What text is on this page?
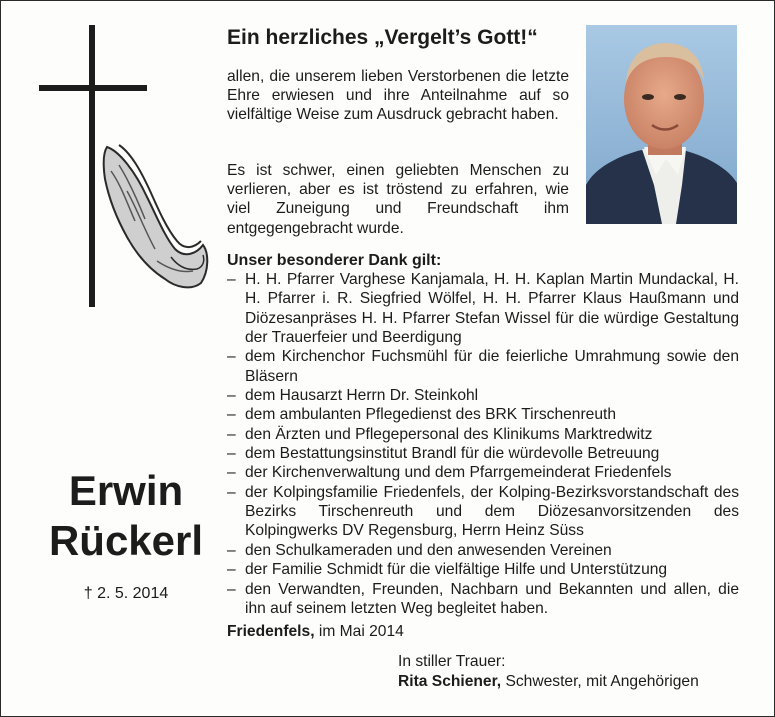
Erwin
Rückerl
† 2. 5. 2014
Ein herzliches „Vergelt’s Gott!“
allen, die unserem lieben Verstorbenen die letzte Ehre erwiesen und ihre Anteilnahme auf so vielfältige Weise zum Ausdruck gebracht haben.
Es ist schwer, einen geliebten Menschen zu verlieren, aber es ist tröstend zu erfahren, wie viel Zuneigung und Freundschaft ihm entgegengebracht wurde.
Unser besonderer Dank gilt:
– H. H. Pfarrer Varghese Kanjamala, H. H. Kaplan Martin Mundackal, H. H. Pfarrer i. R. Siegfried Wölfel, H. H. Pfarrer Klaus Haußmann und Diözesanpräses H. H. Pfarrer Stefan Wissel für die würdige Gestaltung der Trauerfeier und Beerdigung
– dem Kirchenchor Fuchsmühl für die feierliche Umrahmung sowie den Bläsern
– dem Hausarzt Herrn Dr. Steinkohl
– dem ambulanten Pflegedienst des BRK Tirschenreuth
– den Ärzten und Pflegepersonal des Klinikums Marktredwitz
– dem Bestattungsinstitut Brandl für die würdevolle Betreuung
– der Kirchenverwaltung und dem Pfarrgemeinderat Friedenfels
– der Kolpingsfamilie Friedenfels, der Kolping-Bezirksvorstandschaft des Bezirks Tirschenreuth und dem Diözesanvorsitzenden des Kolpingwerks DV Regensburg, Herrn Heinz Süss
– den Schulkameraden und den anwesenden Vereinen
– der Familie Schmidt für die vielfältige Hilfe und Unterstützung
– den Verwandten, Freunden, Nachbarn und Bekannten und allen, die ihn auf seinem letzten Weg begleitet haben.
Friedenfels, im Mai 2014
In stiller Trauer:
Rita Schiener, Schwester, mit Angehörigen
